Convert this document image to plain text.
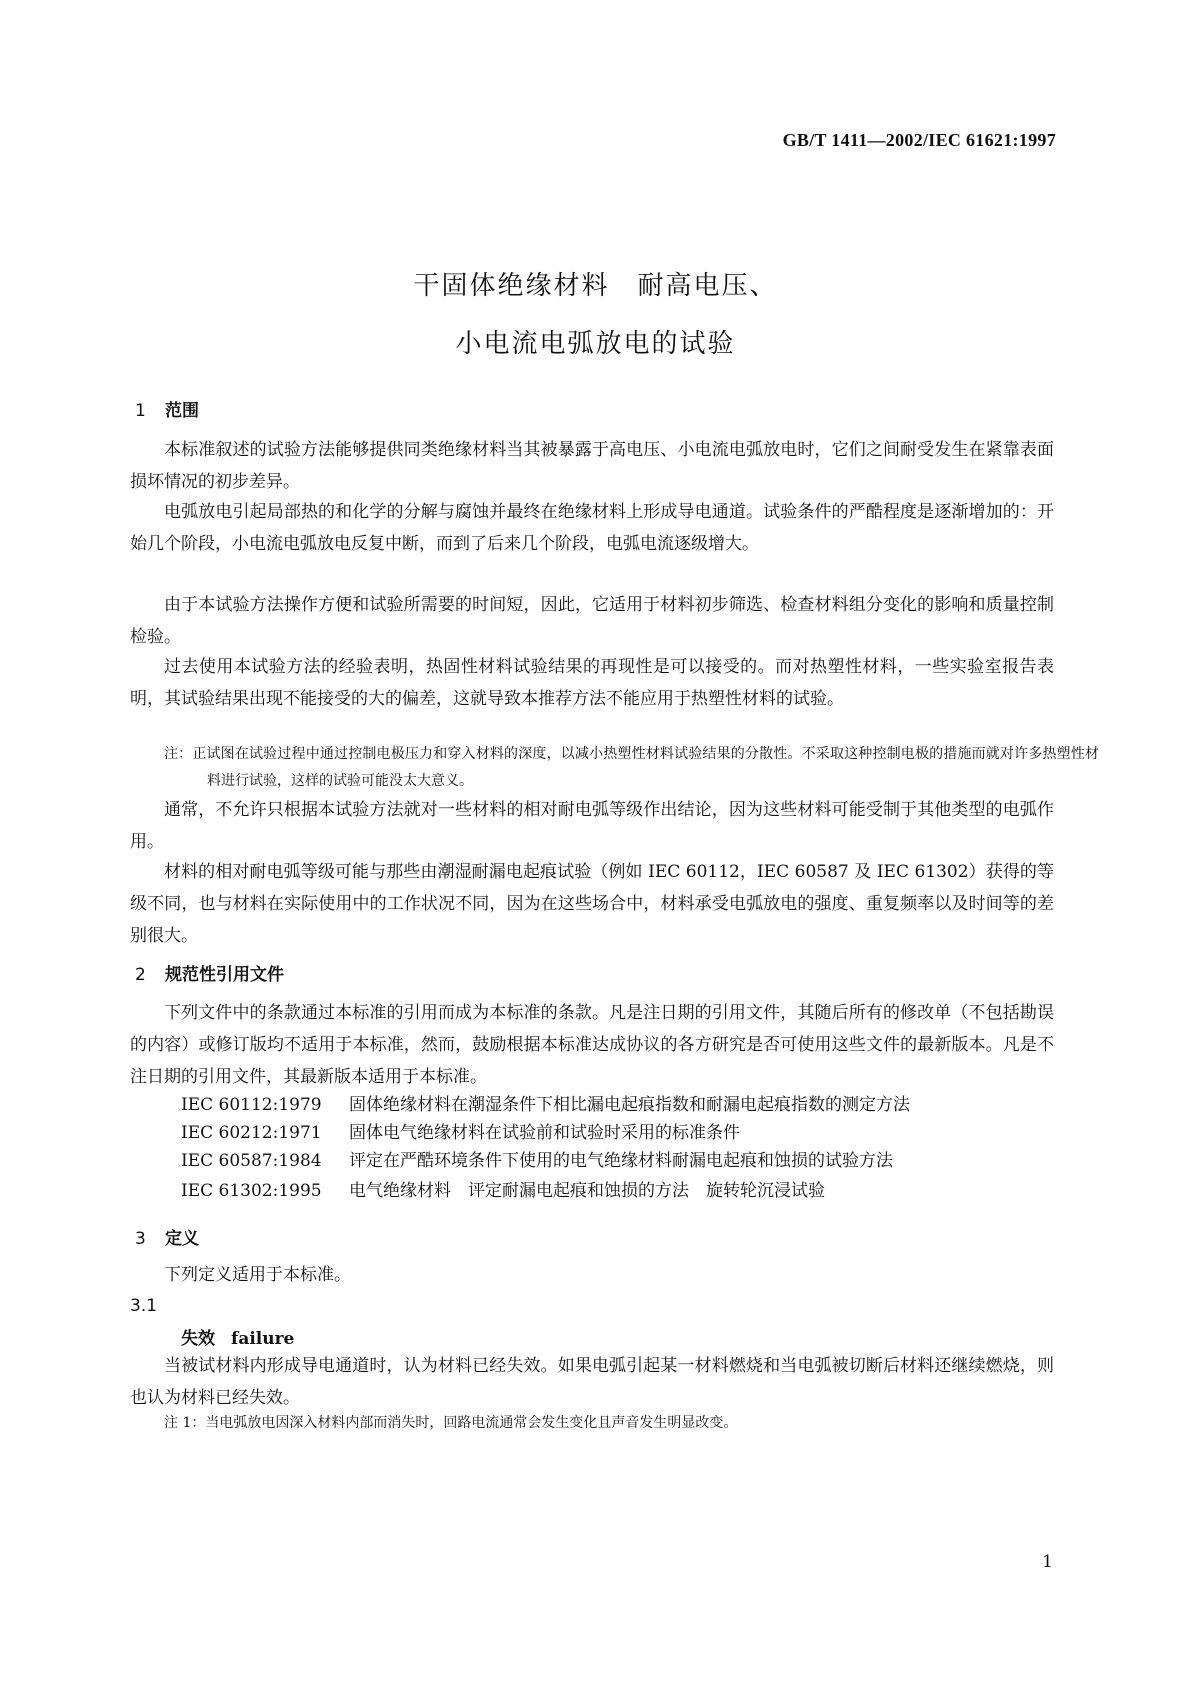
GB/T 1411—2002/IEC 61621:1997
干固体绝缘材料　耐高电压、
小电流电弧放电的试验
1 范围
本标准叙述的试验方法能够提供同类绝缘材料当其被暴露于高电压、小电流电弧放电时，它们之间耐受发生在紧靠表面损坏情况的初步差异。
电弧放电引起局部热的和化学的分解与腐蚀并最终在绝缘材料上形成导电通道。试验条件的严酷程度是逐渐增加的：开始几个阶段，小电流电弧放电反复中断，而到了后来几个阶段，电弧电流逐级增大。
由于本试验方法操作方便和试验所需要的时间短，因此，它适用于材料初步筛选、检查材料组分变化的影响和质量控制检验。
过去使用本试验方法的经验表明，热固性材料试验结果的再现性是可以接受的。而对热塑性材料，一些实验室报告表明，其试验结果出现不能接受的大的偏差，这就导致本推荐方法不能应用于热塑性材料的试验。
注：正试图在试验过程中通过控制电极压力和穿入材料的深度，以减小热塑性材料试验结果的分散性。不采取这种控制电极的措施而就对许多热塑性材料进行试验，这样的试验可能没太大意义。
通常，不允许只根据本试验方法就对一些材料的相对耐电弧等级作出结论，因为这些材料可能受制于其他类型的电弧作用。
材料的相对耐电弧等级可能与那些由潮湿耐漏电起痕试验（例如 IEC 60112，IEC 60587 及 IEC 61302）获得的等级不同，也与材料在实际使用中的工作状况不同，因为在这些场合中，材料承受电弧放电的强度、重复频率以及时间等的差别很大。
2 规范性引用文件
下列文件中的条款通过本标准的引用而成为本标准的条款。凡是注日期的引用文件，其随后所有的修改单（不包括勘误的内容）或修订版均不适用于本标准，然而，鼓励根据本标准达成协议的各方研究是否可使用这些文件的最新版本。凡是不注日期的引用文件，其最新版本适用于本标准。
IEC 60112:1979 固体绝缘材料在潮湿条件下相比漏电起痕指数和耐漏电起痕指数的测定方法
IEC 60212:1971 固体电气绝缘材料在试验前和试验时采用的标准条件
IEC 60587:1984 评定在严酷环境条件下使用的电气绝缘材料耐漏电起痕和蚀损的试验方法
IEC 61302:1995 电气绝缘材料　评定耐漏电起痕和蚀损的方法　旋转轮沉浸试验
3 定义
下列定义适用于本标准。
3.1
失效 failure
当被试材料内形成导电通道时，认为材料已经失效。如果电弧引起某一材料燃烧和当电弧被切断后材料还继续燃烧，则也认为材料已经失效。
注 1：当电弧放电因深入材料内部而消失时，回路电流通常会发生变化且声音发生明显改变。
1
